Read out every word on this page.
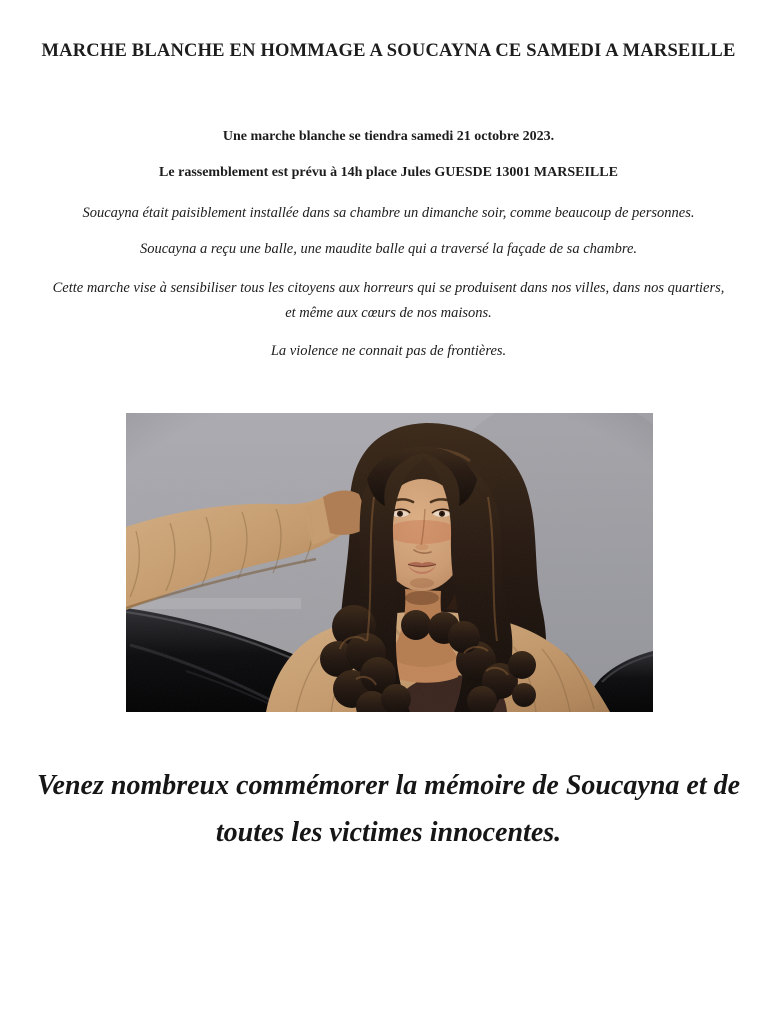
MARCHE BLANCHE EN HOMMAGE A SOUCAYNA CE SAMEDI A MARSEILLE

Une marche blanche se tiendra samedi 21 octobre 2023.

Le rassemblement est prévu à 14h place Jules GUESDE 13001 MARSEILLE

Soucayna était paisiblement installée dans sa chambre un dimanche soir, comme beaucoup de personnes.

Soucayna a reçu une balle, une maudite balle qui a traversé la façade de sa chambre.

Cette marche vise à sensibiliser tous les citoyens aux horreurs qui se produisent dans nos villes, dans nos quartiers,
et même aux cœurs de nos maisons.

La violence ne connait pas de frontières.

Venez nombreux commémorer la mémoire de Soucayna et de
toutes les victimes innocentes.
